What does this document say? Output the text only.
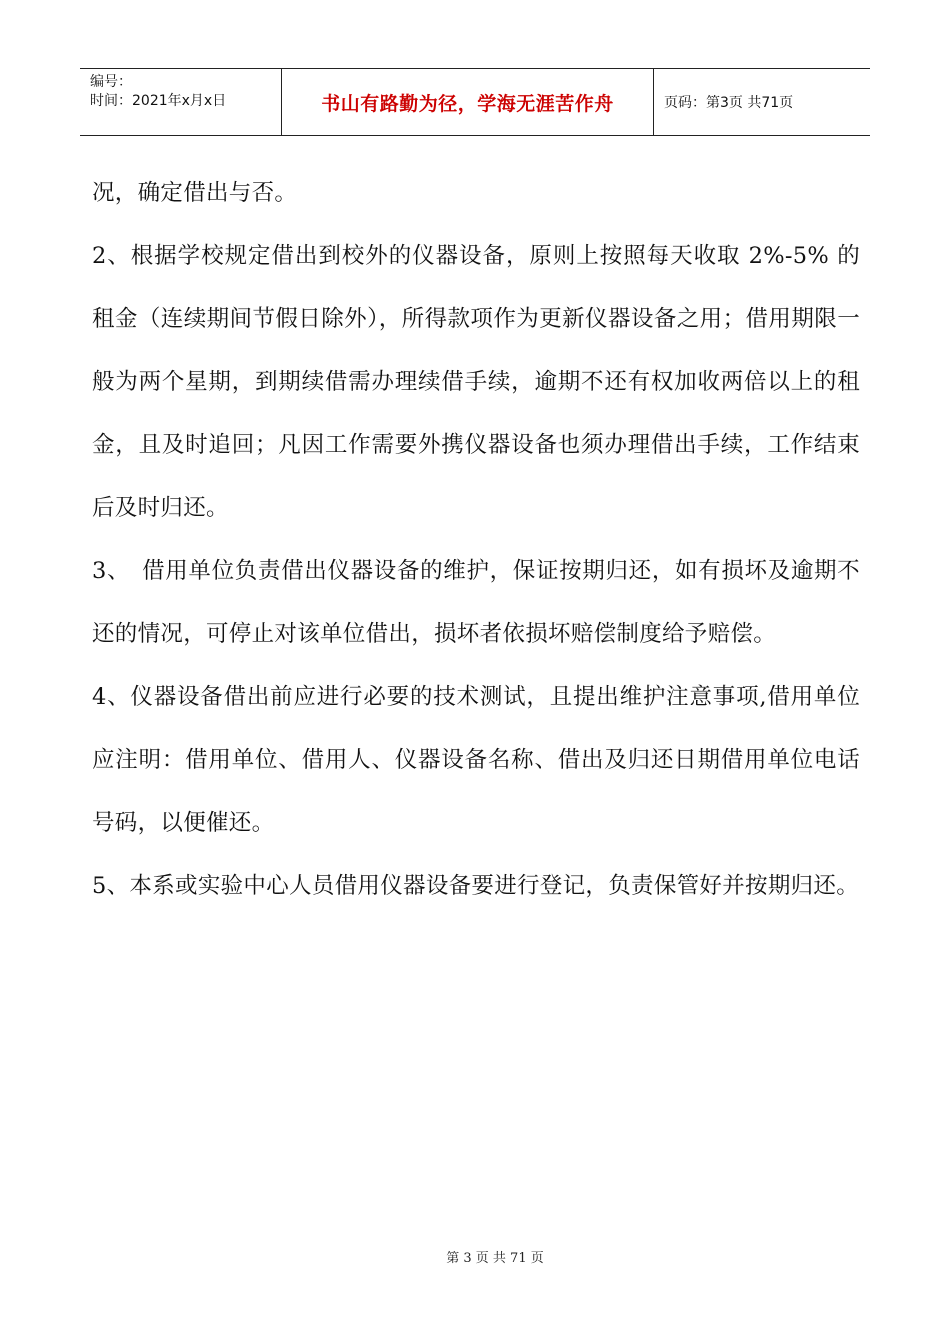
编号：
时间：2021年x月x日	书山有路勤为径，学海无涯苦作舟	页码：第3页 共71页

况，确定借出与否。

2、根据学校规定借出到校外的仪器设备，原则上按照每天收取 2%-5% 的租金（连续期间节假日除外），所得款项作为更新仪器设备之用；借用期限一般为两个星期，到期续借需办理续借手续，逾期不还有权加收两倍以上的租金，且及时追回；凡因工作需要外携仪器设备也须办理借出手续，工作结束后及时归还。

3、　借用单位负责借出仪器设备的维护，保证按期归还，如有损坏及逾期不还的情况，可停止对该单位借出，损坏者依损坏赔偿制度给予赔偿。

4、仪器设备借出前应进行必要的技术测试，且提出维护注意事项,借用单位应注明：借用单位、借用人、仪器设备名称、借出及归还日期借用单位电话号码，以便催还。

5、本系或实验中心人员借用仪器设备要进行登记，负责保管好并按期归还。

第 3 页 共 71 页
